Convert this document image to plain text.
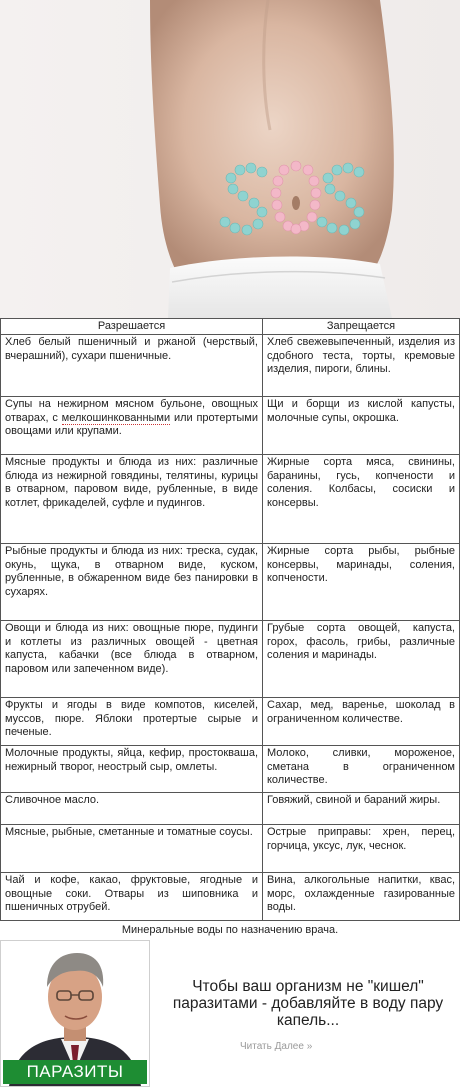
Разрешается	Запрещается
Хлеб белый пшеничный и ржаной (черствый, вчерашний), сухари пшеничные.	Хлеб свежевыпеченный, изделия из сдобного теста, торты, кремовые изделия, пироги, блины.
Супы на нежирном мясном бульоне, овощных отварах, с мелкошинкованными или протертыми овощами или крупами.	Щи и борщи из кислой капусты, молочные супы, окрошка.
Мясные продукты и блюда из них: различные блюда из нежирной говядины, телятины, курицы в отварном, паровом виде, рубленные, в виде котлет, фрикаделей, суфле и пудингов.	Жирные сорта мяса, свинины, баранины, гусь, копчености и соления. Колбасы, сосиски и консервы.
Рыбные продукты и блюда из них: треска, судак, окунь, щука, в отварном виде, куском, рубленные, в обжаренном виде без панировки в сухарях.	Жирные сорта рыбы, рыбные консервы, маринады, соления, копчености.
Овощи и блюда из них: овощные пюре, пудинги и котлеты из различных овощей - цветная капуста, кабачки (все блюда в отварном, паровом или запеченном виде).	Грубые сорта овощей, капуста, горох, фасоль, грибы, различные соления и маринады.
Фрукты и ягоды в виде компотов, киселей, муссов, пюре. Яблоки протертые сырые и печеные.	Сахар, мед, варенье, шоколад в ограниченном количестве.
Молочные продукты, яйца, кефир, простокваша, нежирный творог, неострый сыр, омлеты.	Молоко, сливки, мороженое, сметана в ограниченном количестве.
Сливочное масло.	Говяжий, свиной и бараний жиры.
Мясные, рыбные, сметанные и томатные соусы.	Острые приправы: хрен, перец, горчица, уксус, лук, чеснок.
Чай и кофе, какао, фруктовые, ягодные и овощные соки. Отвары из шиповника и пшеничных отрубей.	Вина, алкогольные напитки, квас, морс, охлажденные газированные воды.
Минеральные воды по назначению врача.
ПАРАЗИТЫ
Чтобы ваш организм не "кишел" паразитами - добавляйте в воду пару капель...
Читать Далее »
